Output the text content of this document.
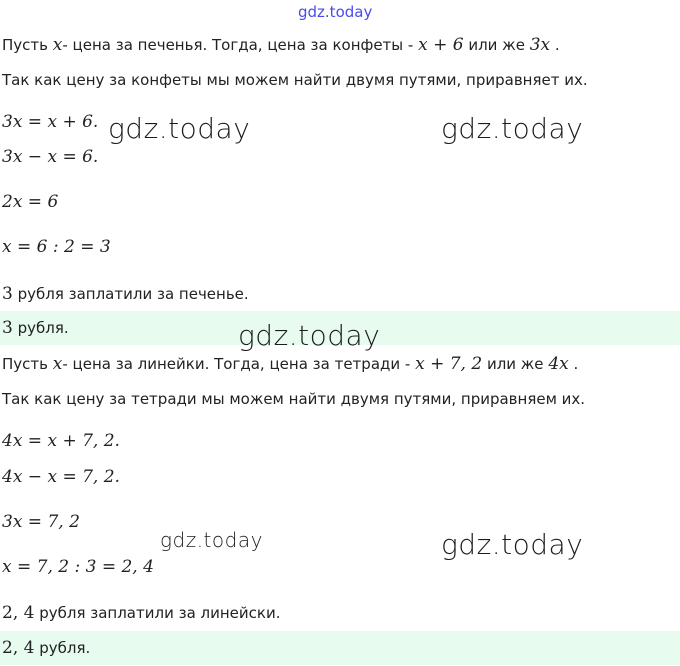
gdz.today
Пусть x- цена за печенья. Тогда, цена за конфеты - x + 6 или же 3x .
Так как цену за конфеты мы можем найти двумя путями, приравняет их.
3x = x + 6.
3x − x = 6.
2x = 6
x = 6 : 2 = 3
3 рубля заплатили за печенье.
3 рубля.
Пусть x- цена за линейки. Тогда, цена за тетради - x + 7, 2 или же 4x .
Так как цену за тетради мы можем найти двумя путями, приравняем их.
4x = x + 7, 2.
4x − x = 7, 2.
3x = 7, 2
x = 7, 2 : 3 = 2, 4
2, 4 рубля заплатили за линейски.
2, 4 рубля.
gdz.today	gdz.today
gdz.today
gdz.today	gdz.today
